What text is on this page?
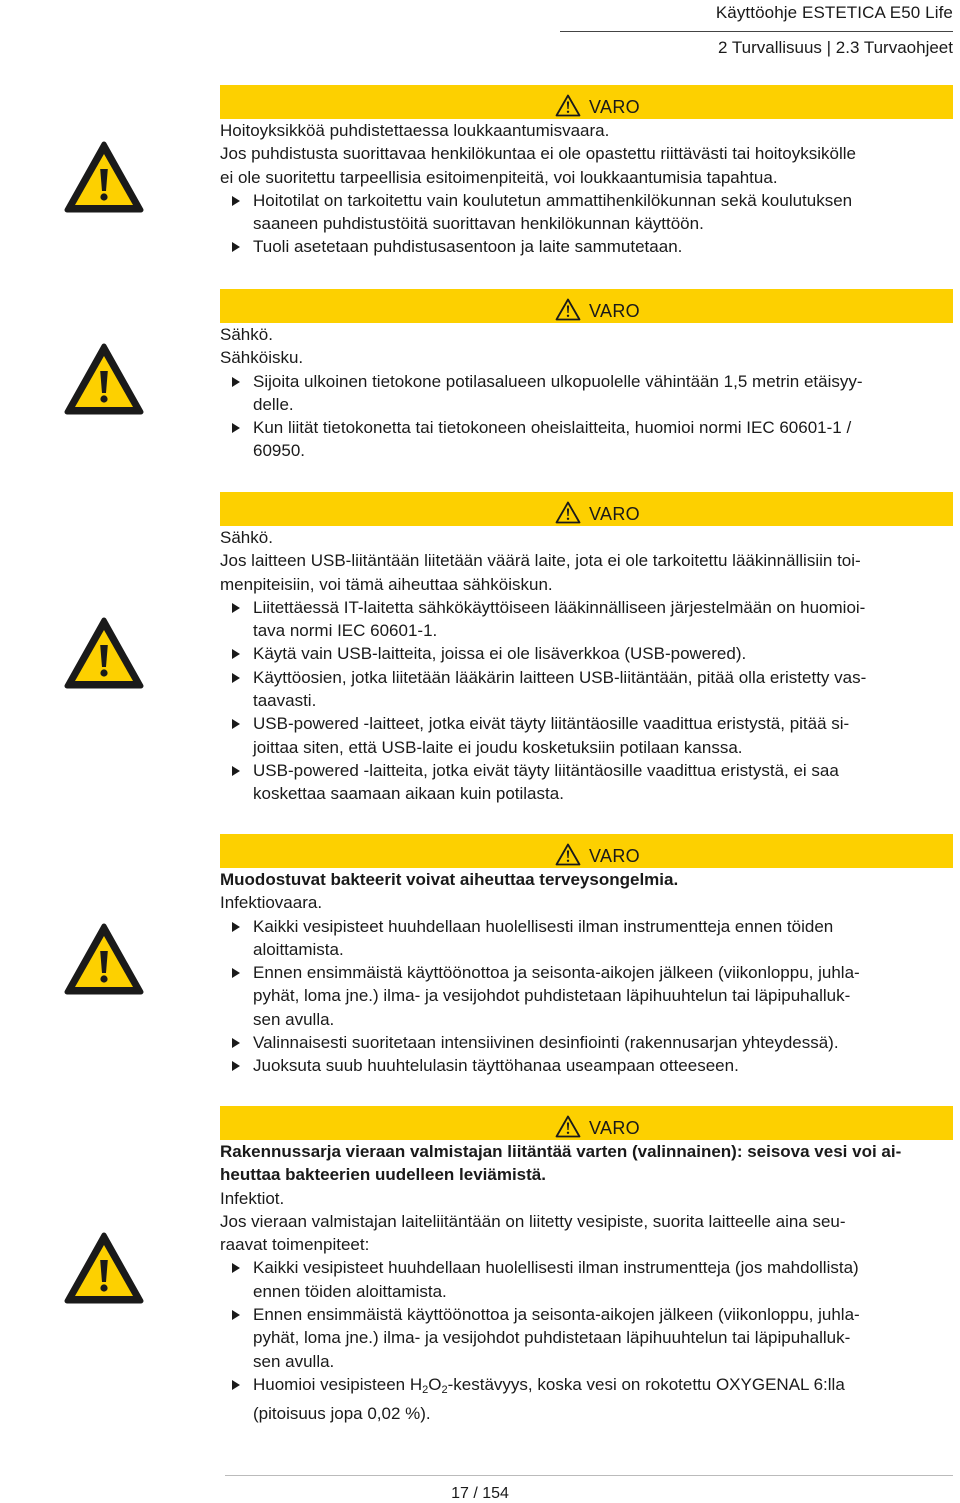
Käyttöohje ESTETICA E50 Life
2 Turvallisuus | 2.3 Turvaohjeet
VARO
Hoitoyksikköä puhdistettaessa loukkaantumisvaara.
Jos puhdistusta suorittavaa henkilökuntaa ei ole opastettu riittävästi tai hoitoyksikölle
ei ole suoritettu tarpeellisia esitoimenpiteitä, voi loukkaantumisia tapahtua.
Hoitotilat on tarkoitettu vain koulutetun ammattihenkilökunnan sekä koulutuksen
saaneen puhdistustöitä suorittavan henkilökunnan käyttöön.
Tuoli asetetaan puhdistusasentoon ja laite sammutetaan.
VARO
Sähkö.
Sähköisku.
Sijoita ulkoinen tietokone potilasalueen ulkopuolelle vähintään 1,5 metrin etäisyy-
delle.
Kun liität tietokonetta tai tietokoneen oheislaitteita, huomioi normi IEC 60601-1 /
60950.
VARO
Sähkö.
Jos laitteen USB-liitäntään liitetään väärä laite, jota ei ole tarkoitettu lääkinnällisiin toi-
menpiteisiin, voi tämä aiheuttaa sähköiskun.
Liitettäessä IT-laitetta sähkökäyttöiseen lääkinnälliseen järjestelmään on huomioi-
tava normi IEC 60601-1.
Käytä vain USB-laitteita, joissa ei ole lisäverkkoa (USB-powered).
Käyttöosien, jotka liitetään lääkärin laitteen USB-liitäntään, pitää olla eristetty vas-
taavasti.
USB-powered -laitteet, jotka eivät täyty liitäntäosille vaadittua eristystä, pitää si-
joittaa siten, että USB-laite ei joudu kosketuksiin potilaan kanssa.
USB-powered -laitteita, jotka eivät täyty liitäntäosille vaadittua eristystä, ei saa
koskettaa saamaan aikaan kuin potilasta.
VARO
Muodostuvat bakteerit voivat aiheuttaa terveysongelmia.
Infektiovaara.
Kaikki vesipisteet huuhdellaan huolellisesti ilman instrumentteja ennen töiden
aloittamista.
Ennen ensimmäistä käyttöönottoa ja seisonta-aikojen jälkeen (viikonloppu, juhla-
pyhät, loma jne.) ilma- ja vesijohdot puhdistetaan läpihuuhtelun tai läpipuhalluk-
sen avulla.
Valinnaisesti suoritetaan intensiivinen desinfiointi (rakennusarjan yhteydessä).
Juoksuta suub huuhtelulasin täyttöhanaa useampaan otteeseen.
VARO
Rakennussarja vieraan valmistajan liitäntää varten (valinnainen): seisova vesi voi ai-
heuttaa bakteerien uudelleen leviämistä.
Infektiot.
Jos vieraan valmistajan laiteliitäntään on liitetty vesipiste, suorita laitteelle aina seu-
raavat toimenpiteet:
Kaikki vesipisteet huuhdellaan huolellisesti ilman instrumentteja (jos mahdollista)
ennen töiden aloittamista.
Ennen ensimmäistä käyttöönottoa ja seisonta-aikojen jälkeen (viikonloppu, juhla-
pyhät, loma jne.) ilma- ja vesijohdot puhdistetaan läpihuuhtelun tai läpipuhalluk-
sen avulla.
Huomioi vesipisteen $H_2O_2$-kestävyys, koska vesi on rokotettu OXYGENAL 6:lla
(pitoisuus jopa 0,02 %).
17 / 154
